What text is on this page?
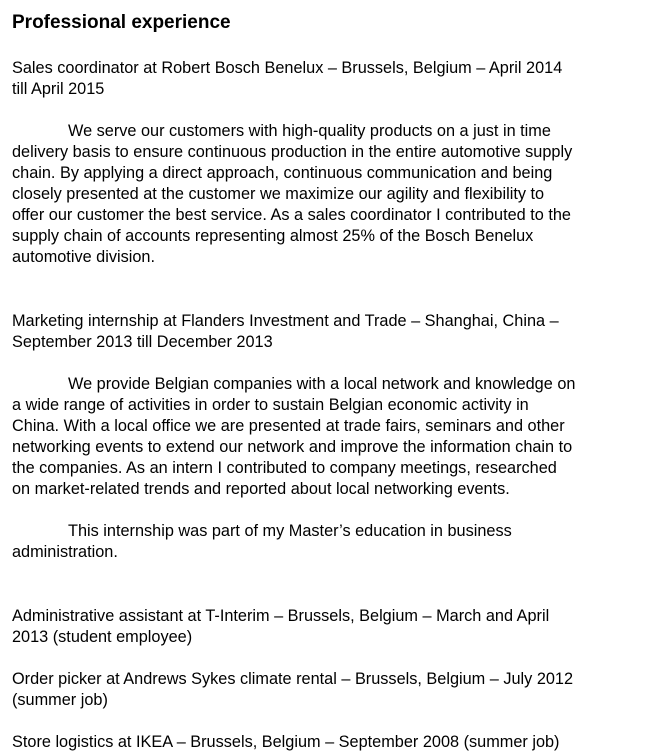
Professional experience
Sales coordinator at Robert Bosch Benelux – Brussels, Belgium – April 2014
till April 2015
We serve our customers with high-quality products on a just in time
delivery basis to ensure continuous production in the entire automotive supply
chain. By applying a direct approach, continuous communication and being
closely presented at the customer we maximize our agility and flexibility to
offer our customer the best service. As a sales coordinator I contributed to the
supply chain of accounts representing almost 25% of the Bosch Benelux
automotive division.
Marketing internship at Flanders Investment and Trade – Shanghai, China –
September 2013 till December 2013
We provide Belgian companies with a local network and knowledge on
a wide range of activities in order to sustain Belgian economic activity in
China. With a local office we are presented at trade fairs, seminars and other
networking events to extend our network and improve the information chain to
the companies. As an intern I contributed to company meetings, researched
on market-related trends and reported about local networking events.
This internship was part of my Master’s education in business
administration.
Administrative assistant at T-Interim – Brussels, Belgium – March and April
2013 (student employee)
Order picker at Andrews Sykes climate rental – Brussels, Belgium – July 2012
(summer job)
Store logistics at IKEA – Brussels, Belgium – September 2008 (summer job)
